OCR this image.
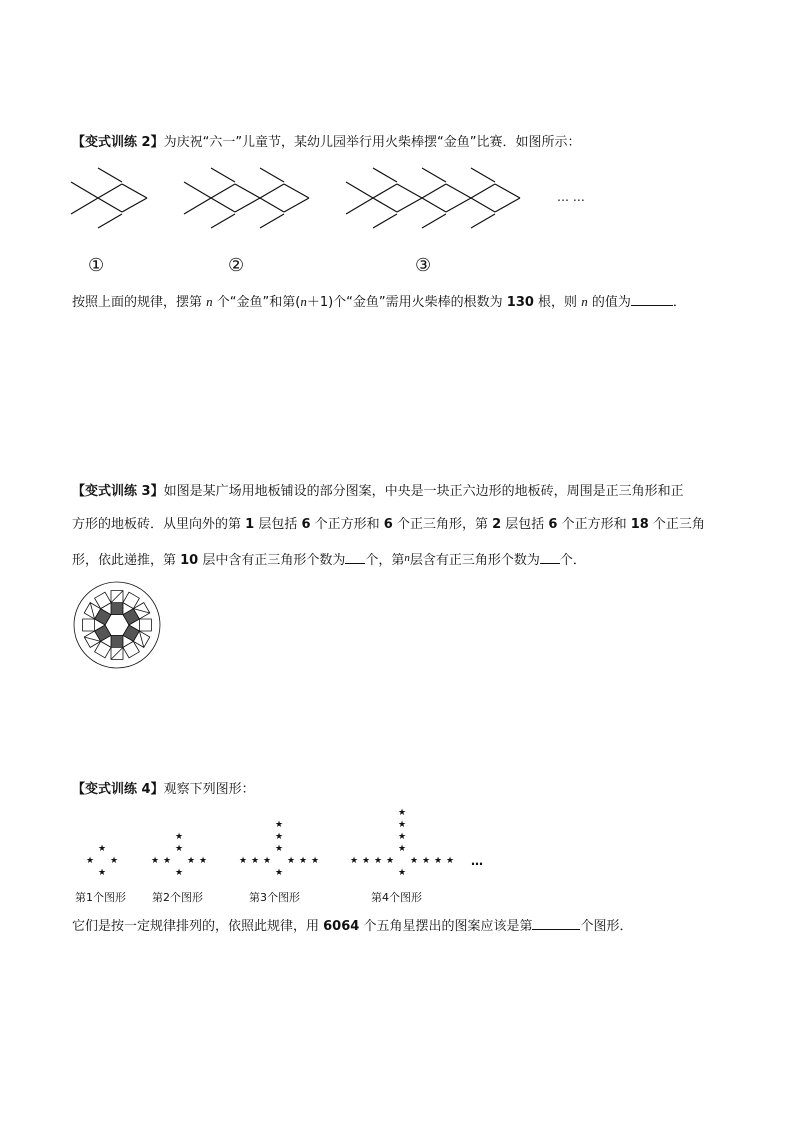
【变式训练 2】为庆祝“六一”儿童节，某幼儿园举行用火柴棒摆“金鱼”比赛．如图所示：
… …
①	②	③
按照上面的规律，摆第 n 个“金鱼”和第(n＋1)个“金鱼”需用火柴棒的根数为 130 根，则 n 的值为	．
【变式训练 3】如图是某广场用地板铺设的部分图案，中央是一块正六边形的地板砖，周围是正三角形和正
方形的地板砖．从里向外的第 1 层包括 6 个正方形和 6 个正三角形，第 2 层包括 6 个正方形和 18 个正三角
形，依此递推，第 10 层中含有正三角形个数为 个，第$^n$层含有正三角形个数为 个．
【变式训练 4】观察下列图形：
★ ★
★
★
★ ★
★
★	★
★
★
★ ★
★
★	★
★
★	★
★
★
★ ★
★
★	★
★
★	★
★
★	★
★
★
…
第1个图形 第2个图形	第3个图形	第4个图形
它们是按一定规律排列的，依照此规律，用 6064 个五角星摆出的图案应该是第	个图形．
